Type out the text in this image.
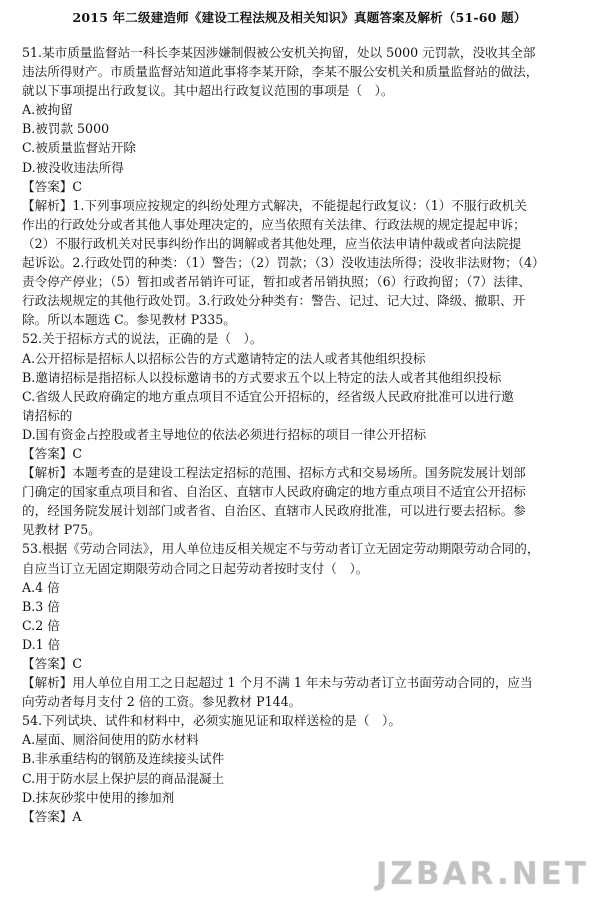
2015 年二级建造师《建设工程法规及相关知识》真题答案及解析（51-60 题）

51.某市质量监督站一科长李某因涉嫌制假被公安机关拘留，处以 5000 元罚款，没收其全部

违法所得财产。市质量监督站知道此事将李某开除，李某不服公安机关和质量监督站的做法，

就以下事项提出行政复议。其中超出行政复议范围的事项是（　）。

A.被拘留

B.被罚款 5000

C.被质量监督站开除

D.被没收违法所得

【答案】C

【解析】1.下列事项应按规定的纠纷处理方式解决，不能提起行政复议：（1）不服行政机关

作出的行政处分或者其他人事处理决定的，应当依照有关法律、行政法规的规定提起申诉；

（2）不服行政机关对民事纠纷作出的调解或者其他处理，应当依法申请仲裁或者向法院提

起诉讼。2.行政处罚的种类：（1）警告；（2）罚款；（3）没收违法所得；没收非法财物；（4）

责令停产停业；（5）暂扣或者吊销许可证，暂扣或者吊销执照；（6）行政拘留；（7）法律、

行政法规规定的其他行政处罚。3.行政处分种类有：警告、记过、记大过、降级、撤职、开

除。所以本题选 C。参见教材 P335。

52.关于招标方式的说法，正确的是（　）。

A.公开招标是招标人以招标公告的方式邀请特定的法人或者其他组织投标

B.邀请招标是指招标人以投标邀请书的方式要求五个以上特定的法人或者其他组织投标

C.省级人民政府确定的地方重点项目不适宜公开招标的，经省级人民政府批准可以进行邀

请招标的

D.国有资金占控股或者主导地位的依法必须进行招标的项目一律公开招标

【答案】C

【解析】本题考查的是建设工程法定招标的范围、招标方式和交易场所。国务院发展计划部

门确定的国家重点项目和省、自治区、直辖市人民政府确定的地方重点项目不适宜公开招标

的，经国务院发展计划部门或者省、自治区、直辖市人民政府批准，可以进行要去招标。参

见教材 P75。

53.根据《劳动合同法》，用人单位违反相关规定不与劳动者订立无固定劳动期限劳动合同的，

自应当订立无固定期限劳动合同之日起劳动者按时支付（　）。

A.4 倍

B.3 倍

C.2 倍

D.1 倍

【答案】C

【解析】用人单位自用工之日起超过 1 个月不满 1 年未与劳动者订立书面劳动合同的，应当

向劳动者每月支付 2 倍的工资。参见教材 P144。

54.下列试块、试件和材料中，必须实施见证和取样送检的是（　）。

A.屋面、厕浴间使用的防水材料

B.非承重结构的钢筋及连续接头试件

C.用于防水层上保护层的商品混凝土

D.抹灰砂浆中使用的掺加剂

【答案】A

JZBAR.NET
